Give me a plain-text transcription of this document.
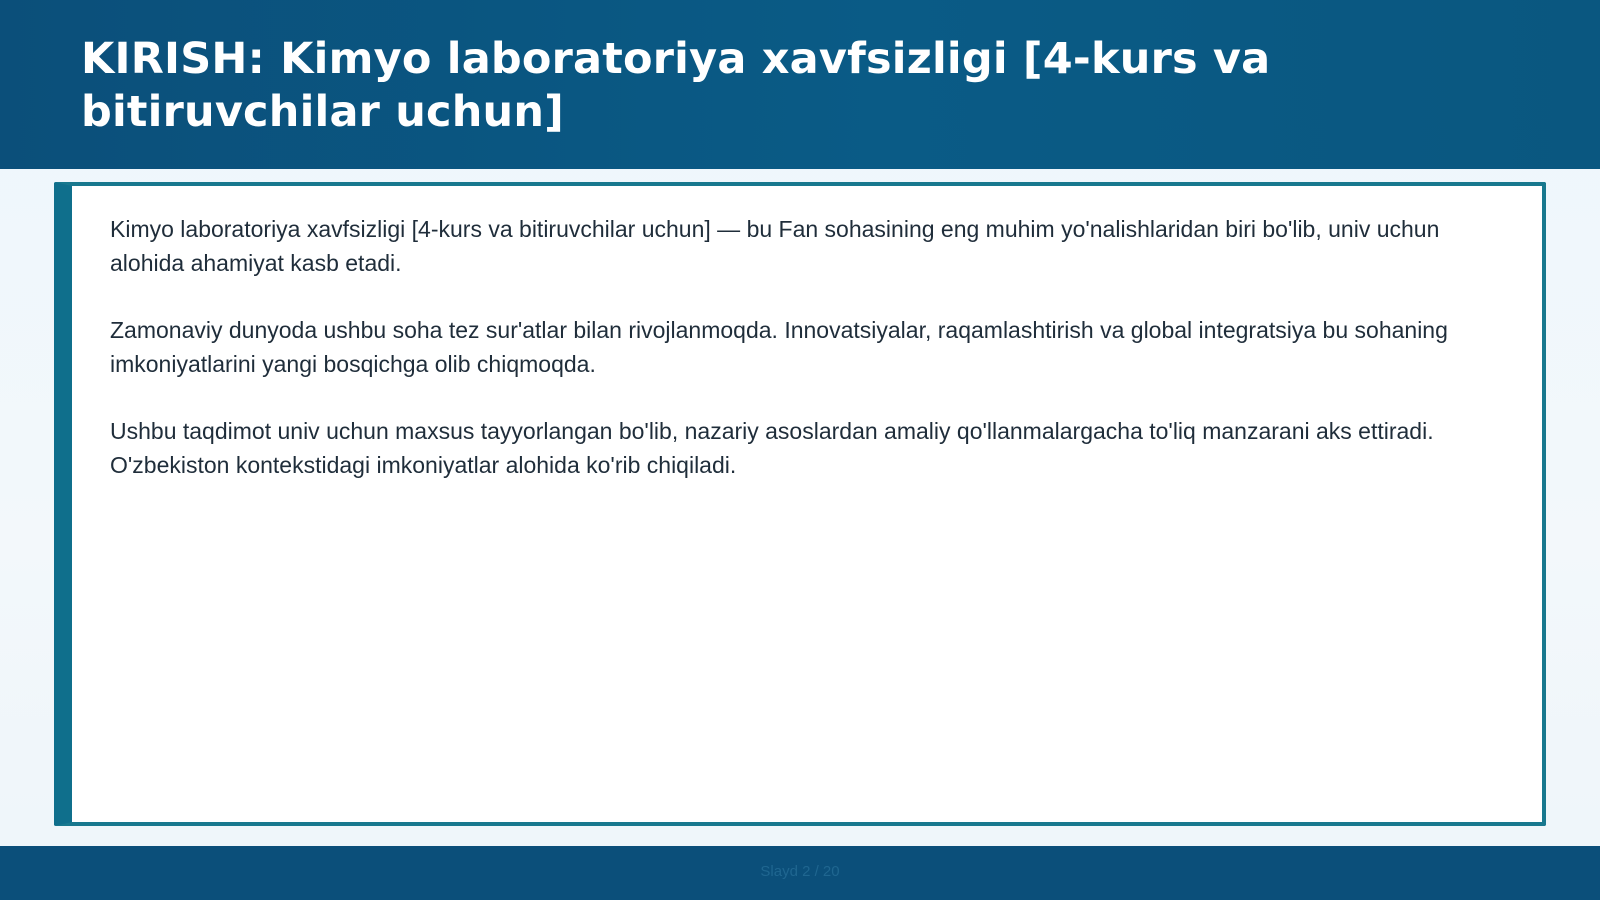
KIRISH: Kimyo laboratoriya xavfsizligi [4-kurs va bitiruvchilar uchun]

Kimyo laboratoriya xavfsizligi [4-kurs va bitiruvchilar uchun] — bu Fan sohasining eng muhim yo'nalishlaridan biri bo'lib, univ uchun alohida ahamiyat kasb etadi.

Zamonaviy dunyoda ushbu soha tez sur'atlar bilan rivojlanmoqda. Innovatsiyalar, raqamlashtirish va global integratsiya bu sohaning imkoniyatlarini yangi bosqichga olib chiqmoqda.

Ushbu taqdimot univ uchun maxsus tayyorlangan bo'lib, nazariy asoslardan amaliy qo'llanmalargacha to'liq manzarani aks ettiradi. O'zbekiston kontekstidagi imkoniyatlar alohida ko'rib chiqiladi.

Slayd 2 / 20
